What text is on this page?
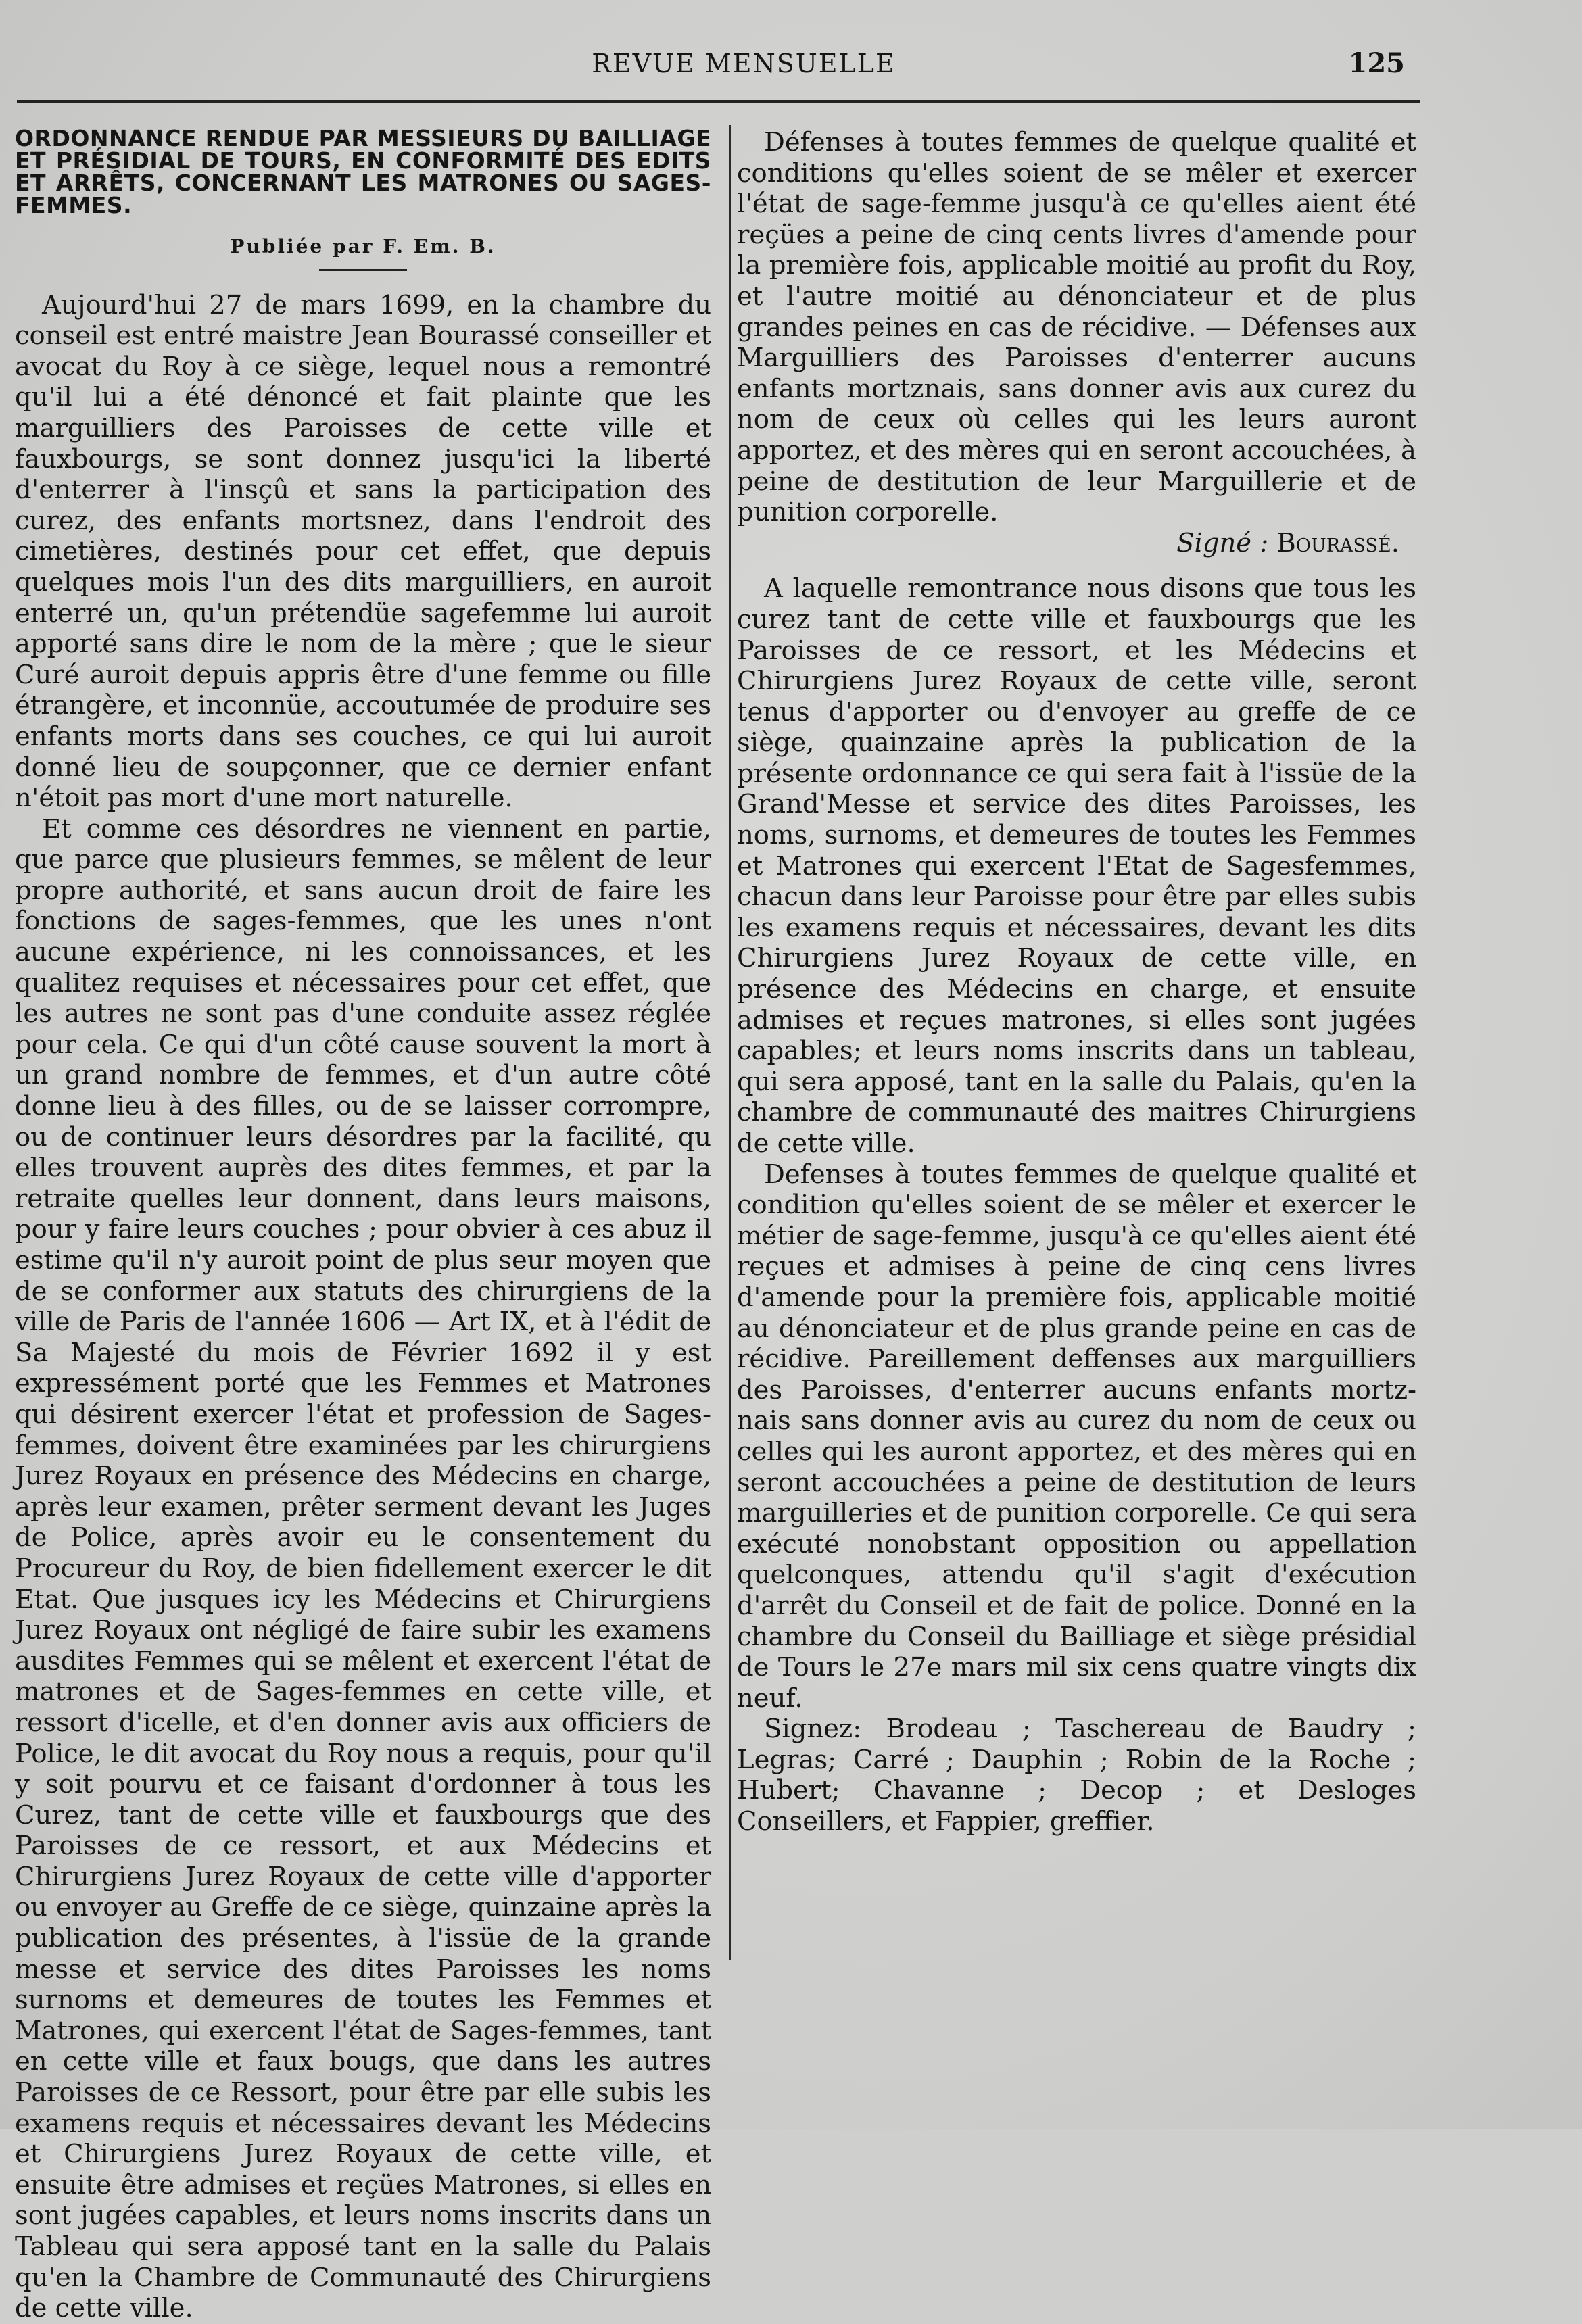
REVUE MENSUELLE	125
ORDONNANCE RENDUE PAR MESSIEURS DU BAILLIAGE ET PRÉSIDIAL DE TOURS, EN CONFORMITÉ DES EDITS ET ARRÊTS, CONCERNANT LES MATRONES OU SAGES-FEMMES.
Publiée par F. Em. B.

Aujourd'hui 27 de mars 1699, en la chambre du conseil est entré maistre Jean Bourassé conseiller et avocat du Roy à ce siège, lequel nous a remontré qu'il lui a été dénoncé et fait plainte que les marguilliers des Paroisses de cette ville et fauxbourgs, se sont donnez jusqu'ici la liberté d'enterrer à l'insçû et sans la participation des curez, des enfants mortsnez, dans l'endroit des cimetières, destinés pour cet effet, que depuis quelques mois l'un des dits marguilliers, en auroit enterré un, qu'un prétendüe sagefemme lui auroit apporté sans dire le nom de la mère ; que le sieur Curé auroit depuis appris être d'une femme ou fille étrangère, et inconnüe, accoutumée de produire ses enfants morts dans ses couches, ce qui lui auroit donné lieu de soupçonner, que ce dernier enfant n'étoit pas mort d'une mort naturelle.

Et comme ces désordres ne viennent en partie, que parce que plusieurs femmes, se mêlent de leur propre authorité, et sans aucun droit de faire les fonctions de sages-femmes, que les unes n'ont aucune expérience, ni les connoissances, et les qualitez requises et nécessaires pour cet effet, que les autres ne sont pas d'une conduite assez réglée pour cela. Ce qui d'un côté cause souvent la mort à un grand nombre de femmes, et d'un autre côté donne lieu à des filles, ou de se laisser corrompre, ou de continuer leurs désordres par la facilité, qu elles trouvent auprès des dites femmes, et par la retraite quelles leur donnent, dans leurs maisons, pour y faire leurs couches ; pour obvier à ces abuz il estime qu'il n'y auroit point de plus seur moyen que de se conformer aux statuts des chirurgiens de la ville de Paris de l'année 1606 — Art IX, et à l'édit de Sa Majesté du mois de Février 1692 il y est expressément porté que les Femmes et Matrones qui désirent exercer l'état et profession de Sages-femmes, doivent être examinées par les chirurgiens Jurez Royaux en présence des Médecins en charge, après leur examen, prêter serment devant les Juges de Police, après avoir eu le consentement du Procureur du Roy, de bien fidellement exercer le dit Etat. Que jusques icy les Médecins et Chirurgiens Jurez Royaux ont négligé de faire subir les examens ausdites Femmes qui se mêlent et exercent l'état de matrones et de Sages-femmes en cette ville, et ressort d'icelle, et d'en donner avis aux officiers de Police, le dit avocat du Roy nous a requis, pour qu'il y soit pourvu et ce faisant d'ordonner à tous les Curez, tant de cette ville et fauxbourgs que des Paroisses de ce ressort, et aux Médecins et Chirurgiens Jurez Royaux de cette ville d'apporter ou envoyer au Greffe de ce siège, quinzaine après la publication des présentes, à l'issüe de la grande messe et service des dites Paroisses les noms surnoms et demeures de toutes les Femmes et Matrones, qui exercent l'état de Sages-femmes, tant en cette ville et faux bougs, que dans les autres Paroisses de ce Ressort, pour être par elle subis les examens requis et nécessaires devant les Médecins et Chirurgiens Jurez Royaux de cette ville, et ensuite être admises et reçües Matrones, si elles en sont jugées capables, et leurs noms inscrits dans un Tableau qui sera apposé tant en la salle du Palais qu'en la Chambre de Communauté des Chirurgiens de cette ville.

Défenses à toutes femmes de quelque qualité et conditions qu'elles soient de se mêler et exercer l'état de sage-femme jusqu'à ce qu'elles aient été reçües a peine de cinq cents livres d'amende pour la première fois, applicable moitié au profit du Roy, et l'autre moitié au dénonciateur et de plus grandes peines en cas de récidive. — Défenses aux Marguilliers des Paroisses d'enterrer aucuns enfants mortznais, sans donner avis aux curez du nom de ceux où celles qui les leurs auront apportez, et des mères qui en seront accouchées, à peine de destitution de leur Marguillerie et de punition corporelle.

Signé : Bourassé.

A laquelle remontrance nous disons que tous les curez tant de cette ville et fauxbourgs que les Paroisses de ce ressort, et les Médecins et Chirurgiens Jurez Royaux de cette ville, seront tenus d'apporter ou d'envoyer au greffe de ce siège, quainzaine après la publication de la présente ordonnance ce qui sera fait à l'issüe de la Grand'Messe et service des dites Paroisses, les noms, surnoms, et demeures de toutes les Femmes et Matrones qui exercent l'Etat de Sagesfemmes, chacun dans leur Paroisse pour être par elles subis les examens requis et nécessaires, devant les dits Chirurgiens Jurez Royaux de cette ville, en présence des Médecins en charge, et ensuite admises et reçues matrones, si elles sont jugées capables; et leurs noms inscrits dans un tableau, qui sera apposé, tant en la salle du Palais, qu'en la chambre de communauté des maitres Chirurgiens de cette ville.

Defenses à toutes femmes de quelque qualité et condition qu'elles soient de se mêler et exercer le métier de sage-femme, jusqu'à ce qu'elles aient été reçues et admises à peine de cinq cens livres d'amende pour la première fois, applicable moitié au dénonciateur et de plus grande peine en cas de récidive. Pareillement deffenses aux marguilliers des Paroisses, d'enterrer aucuns enfants mortz-nais sans donner avis au curez du nom de ceux ou celles qui les auront apportez, et des mères qui en seront accouchées a peine de destitution de leurs marguilleries et de punition corporelle. Ce qui sera exécuté nonobstant opposition ou appellation quelconques, attendu qu'il s'agit d'exécution d'arrêt du Conseil et de fait de police. Donné en la chambre du Conseil du Bailliage et siège présidial de Tours le 27e mars mil six cens quatre vingts dix neuf.

Signez: Brodeau ; Taschereau de Baudry ; Legras; Carré ; Dauphin ; Robin de la Roche ; Hubert; Chavanne ; Decop ; et Desloges Conseillers, et Fappier, greffier.
